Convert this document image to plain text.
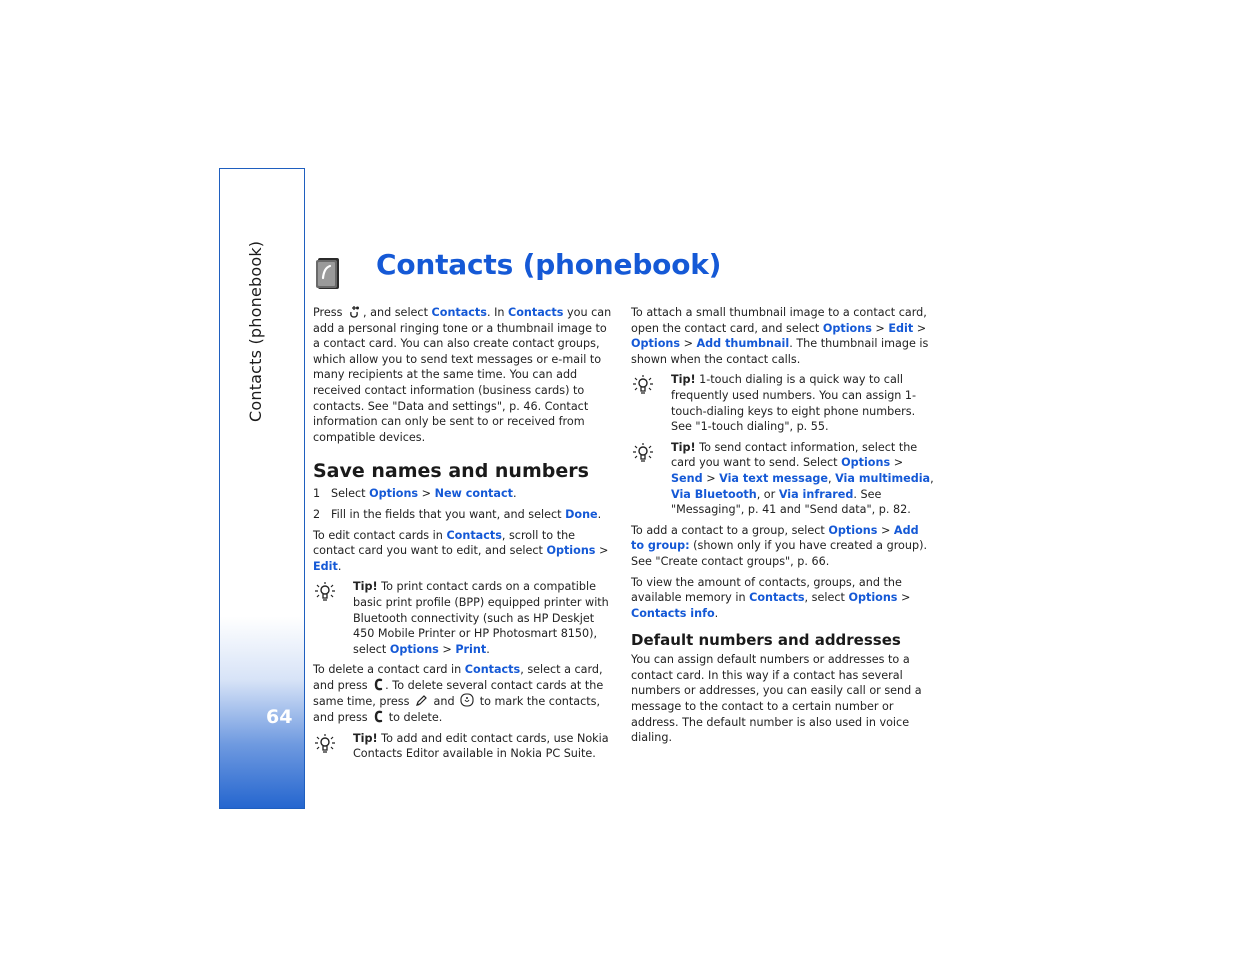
Contacts (phonebook)
64
Contacts (phonebook)

Press , and select Contacts. In Contacts you can add a personal ringing tone or a thumbnail image to a contact card. You can also create contact groups, which allow you to send text messages or e-mail to many recipients at the same time. You can add received contact information (business cards) to contacts. See "Data and settings", p. 46. Contact information can only be sent to or received from compatible devices.

Save names and numbers
1 Select Options > New contact.
2 Fill in the fields that you want, and select Done.

To edit contact cards in Contacts, scroll to the contact card you want to edit, and select Options > Edit.

Tip! To print contact cards on a compatible basic print profile (BPP) equipped printer with Bluetooth connectivity (such as HP Deskjet 450 Mobile Printer or HP Photosmart 8150), select Options > Print.

To delete a contact card in Contacts, select a card, and press . To delete several contact cards at the same time, press and to mark the contacts, and press to delete.

Tip! To add and edit contact cards, use Nokia Contacts Editor available in Nokia PC Suite.

To attach a small thumbnail image to a contact card, open the contact card, and select Options > Edit > Options > Add thumbnail. The thumbnail image is shown when the contact calls.

Tip! 1-touch dialing is a quick way to call frequently used numbers. You can assign 1-touch-dialing keys to eight phone numbers. See "1-touch dialing", p. 55.
Tip! To send contact information, select the card you want to send. Select Options > Send > Via text message, Via multimedia, Via Bluetooth, or Via infrared. See "Messaging", p. 41 and "Send data", p. 82.

To add a contact to a group, select Options > Add to group: (shown only if you have created a group). See "Create contact groups", p. 66.

To view the amount of contacts, groups, and the available memory in Contacts, select Options > Contacts info.

Default numbers and addresses

You can assign default numbers or addresses to a contact card. In this way if a contact has several numbers or addresses, you can easily call or send a message to the contact to a certain number or address. The default number is also used in voice dialing.
